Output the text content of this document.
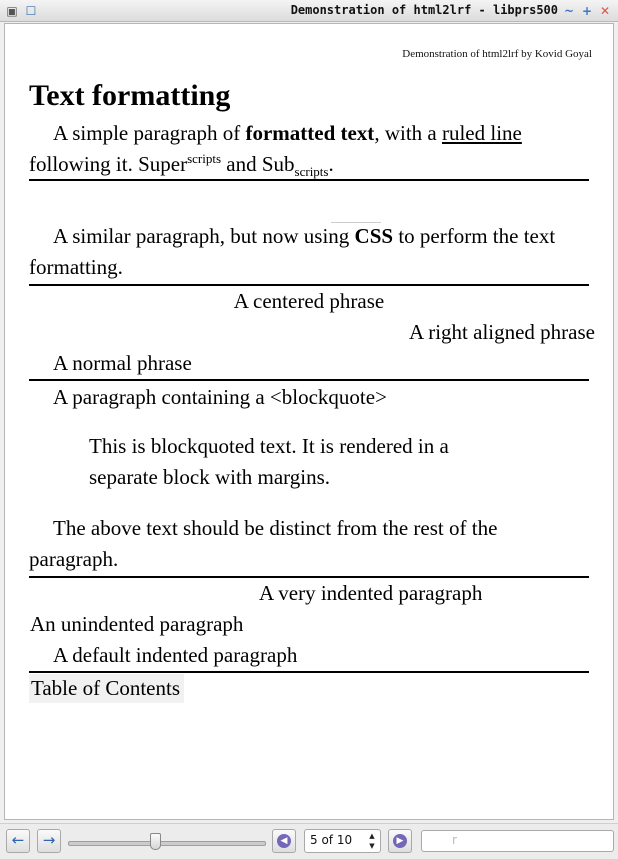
▣ ☐	Demonstration of html2lrf - libprs500 ~ + ✕
Demonstration of html2lrf by Kovid Goyal
Text formatting
A simple paragraph of formatted text, with a ruled line following it. Super$^{scripts}$ and Sub$_{scripts}$.
A similar paragraph, but now using CSS to perform the text formatting.
A centered phrase
A right aligned phrase
A normal phrase
A paragraph containing a <blockquote>
This is blockquoted text. It is rendered in a separate block with margins.
The above text should be distinct from the rest of the paragraph.
A very indented paragraph
An unindented paragraph
A default indented paragraph
Table of Contents
←	→	◀ 5 of 10	▲
▼	▶	r
